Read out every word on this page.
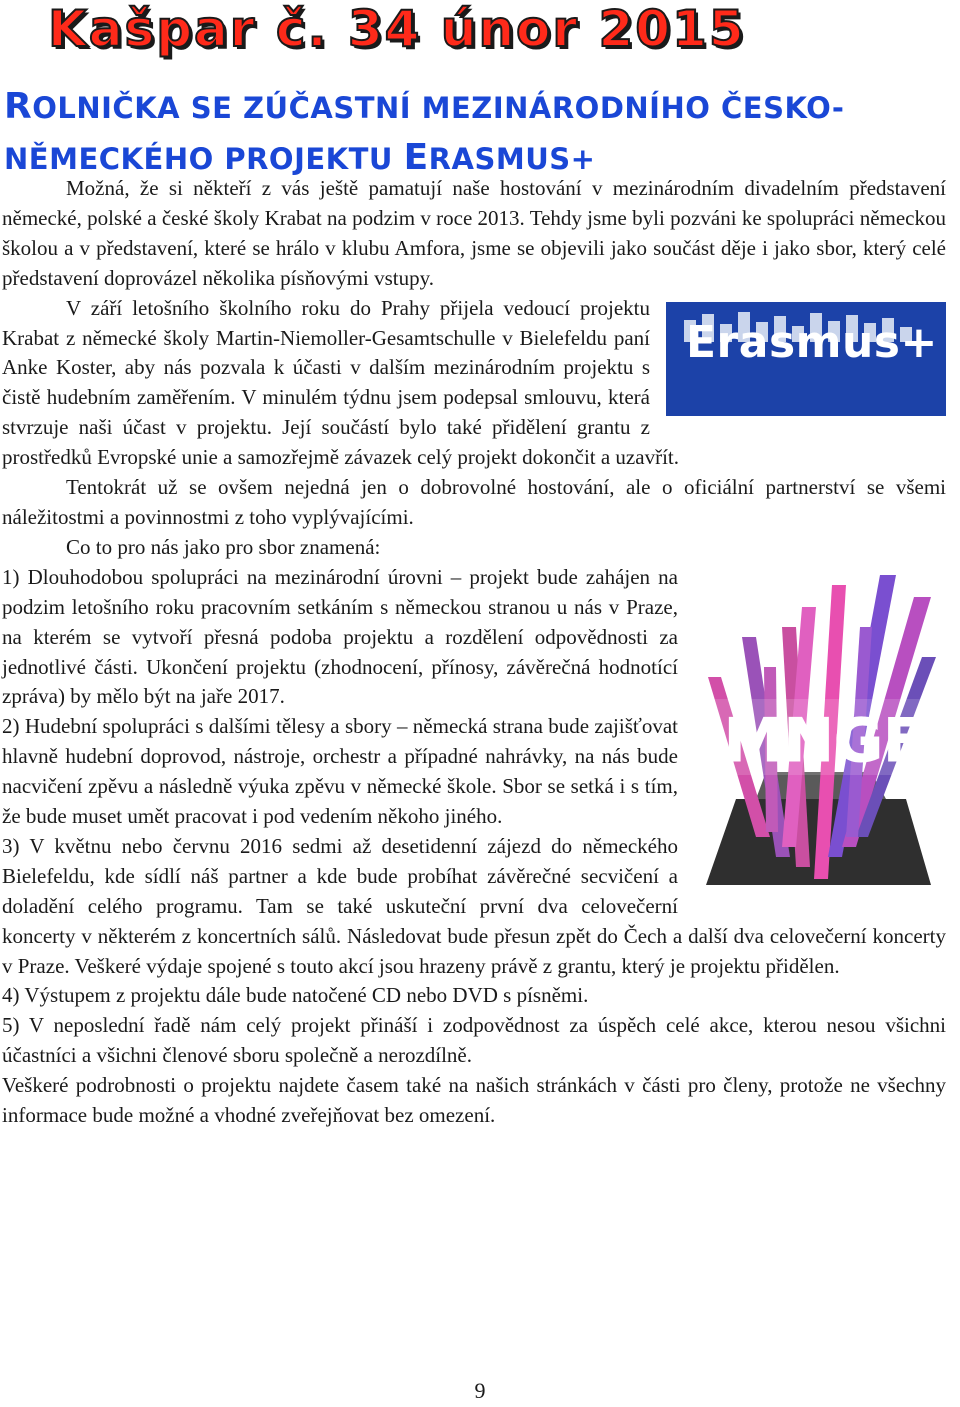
Kašpar č. 34 únor 2015
ROLNIČKA SE ZÚČASTNÍ MEZINÁRODNÍHO ČESKO-
NĚMECKÉHO PROJEKTU ERASMUS+

Možná, že si někteří z vás ještě pamatují naše hostování v mezinárodním divadelním představení německé, polské a české školy Krabat na podzim v roce 2013. Tehdy jsme byli pozváni ke spolupráci německou školou a v představení, které se hrálo v klubu Amfora, jsme se objevili jako součást děje i jako sbor, který celé představení doprovázel několika písňovými vstupy.

Erasmus+

V září letošního školního roku do Prahy přijela vedoucí projektu Krabat z německé školy Martin-Niemoller-Gesamtschulle v Bielefeldu paní Anke Koster, aby nás pozvala k účasti v dalším mezinárodním projektu s čistě hudebním zaměřením. V minulém týdnu jsem podepsal smlouvu, která stvrzuje naši účast v projektu. Její součástí bylo také přidělení grantu z prostředků Evropské unie a samozřejmě závazek celý projekt dokončit a uzavřít.

Tentokrát už se ovšem nejedná jen o dobrovolné hostování, ale o oficiální partnerství se všemi náležitostmi a povinnostmi z toho vyplývajícími.

Co to pro nás jako pro sbor znamená:

MNGE

1) Dlouhodobou spolupráci na mezinárodní úrovni – projekt bude zahájen na podzim letošního roku pracovním setkáním s německou stranou u nás v Praze, na kterém se vytvoří přesná podoba projektu a rozdělení odpovědnosti za jednotlivé části. Ukončení projektu (zhodnocení, přínosy, závěrečná hodnotící zpráva) by mělo být na jaře 2017.

2) Hudební spolupráci s dalšími tělesy a sbory – německá strana bude zajišťovat hlavně hudební doprovod, nástroje, orchestr a případné nahrávky, na nás bude nacvičení zpěvu a následně výuka zpěvu v německé škole. Sbor se setká i s tím, že bude muset umět pracovat i pod vedením někoho jiného.

3) V květnu nebo červnu 2016 sedmi až desetidenní zájezd do německého Bielefeldu, kde sídlí náš partner a kde bude probíhat závěrečné secvičení a doladění celého programu. Tam se také uskuteční první dva celovečerní koncerty v některém z koncertních sálů. Následovat bude přesun zpět do Čech a další dva celovečerní koncerty v Praze. Veškeré výdaje spojené s touto akcí jsou hrazeny právě z grantu, který je projektu přidělen.

4) Výstupem z projektu dále bude natočené CD nebo DVD s písněmi.

5) V neposlední řadě nám celý projekt přináší i zodpovědnost za úspěch celé akce, kterou nesou všichni účastníci a všichni členové sboru společně a nerozdílně.

Veškeré podrobnosti o projektu najdete časem také na našich stránkách v části pro členy, protože ne všechny informace bude možné a vhodné zveřejňovat bez omezení.

9
